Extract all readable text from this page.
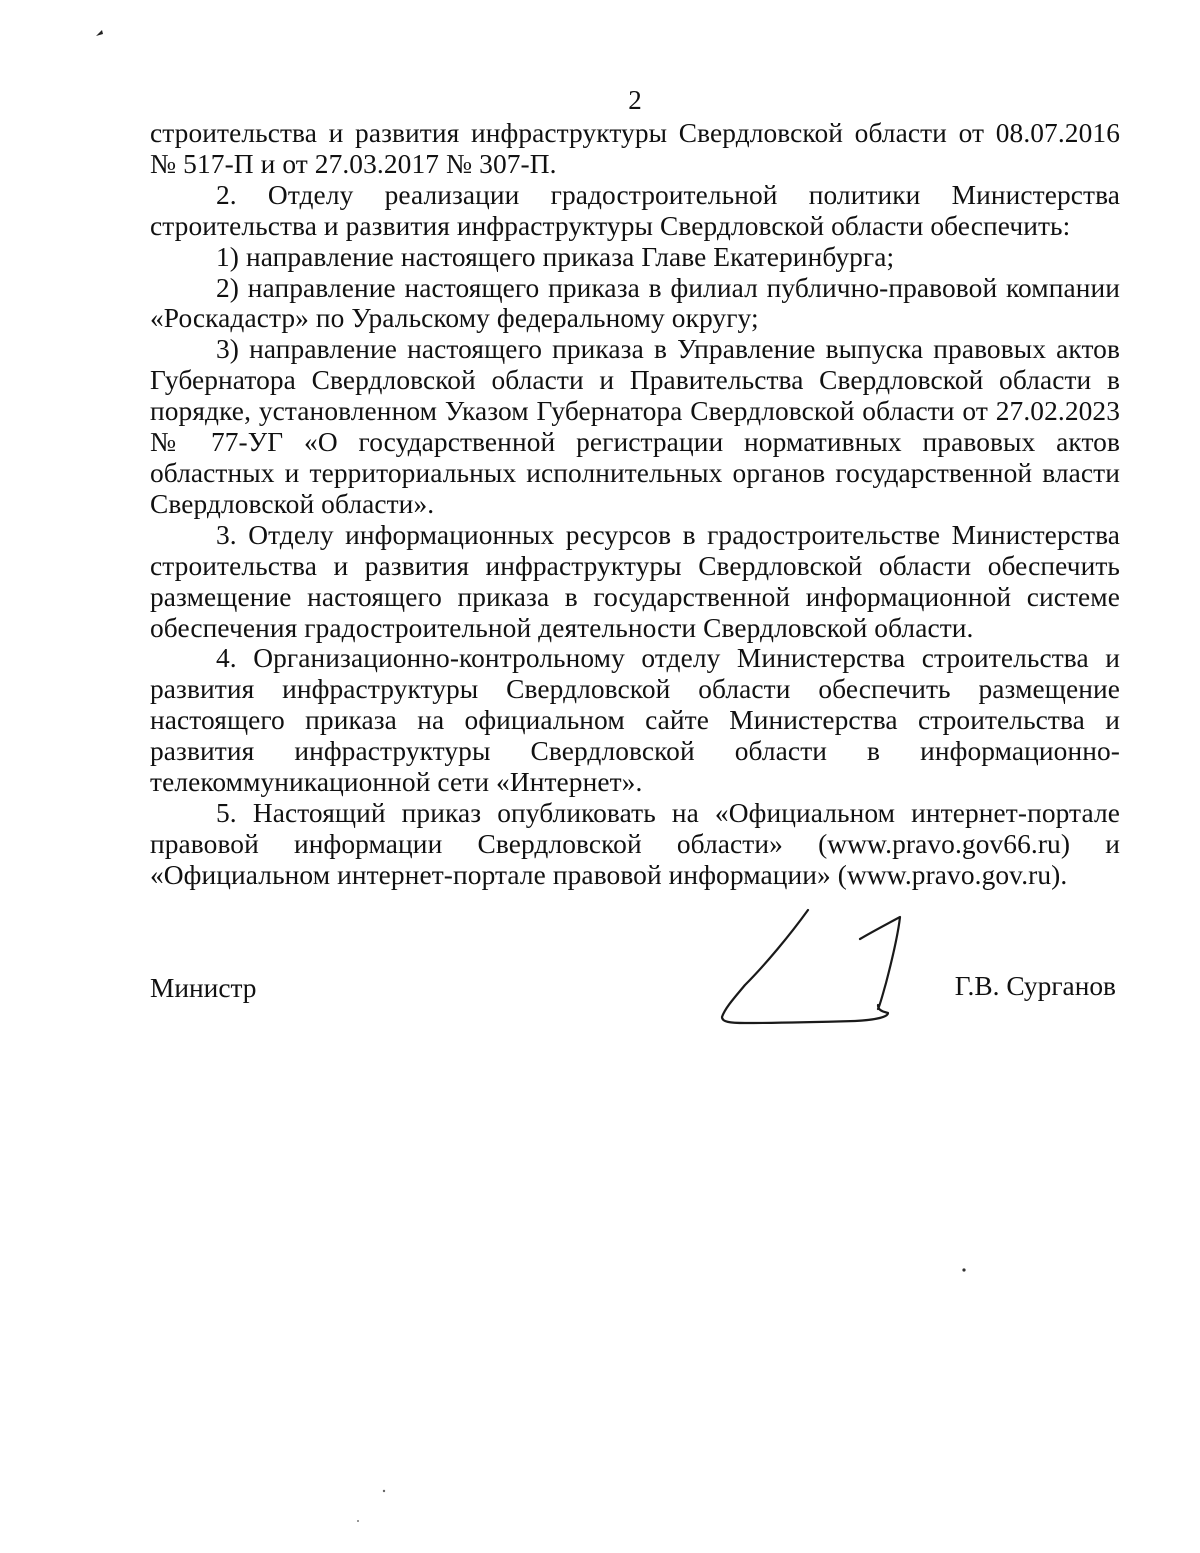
2

строительства и развития инфраструктуры Свердловской области от 08.07.2016 № 517-П и от 27.03.2017 № 307-П.

2. Отделу реализации градостроительной политики Министерства строительства и развития инфраструктуры Свердловской области обеспечить:

1) направление настоящего приказа Главе Екатеринбурга;

2) направление настоящего приказа в филиал публично-правовой компании «Роскадастр» по Уральскому федеральному округу;

3) направление настоящего приказа в Управление выпуска правовых актов Губернатора Свердловской области и Правительства Свердловской области в порядке, установленном Указом Губернатора Свердловской области от 27.02.2023 № 77-УГ «О государственной регистрации нормативных правовых актов областных и территориальных исполнительных органов государственной власти Свердловской области».

3. Отделу информационных ресурсов в градостроительстве Министерства строительства и развития инфраструктуры Свердловской области обеспечить размещение настоящего приказа в государственной информационной системе обеспечения градостроительной деятельности Свердловской области.

4. Организационно-контрольному отделу Министерства строительства и развития инфраструктуры Свердловской области обеспечить размещение настоящего приказа на официальном сайте Министерства строительства и развития инфраструктуры Свердловской области в информационно-телекоммуникационной сети «Интернет».

5. Настоящий приказ опубликовать на «Официальном интернет-портале правовой информации Свердловской области» (www.pravo.gov66.ru) и «Официальном интернет-портале правовой информации» (www.pravo.gov.ru).

Министр	Г.В. Сурганов
